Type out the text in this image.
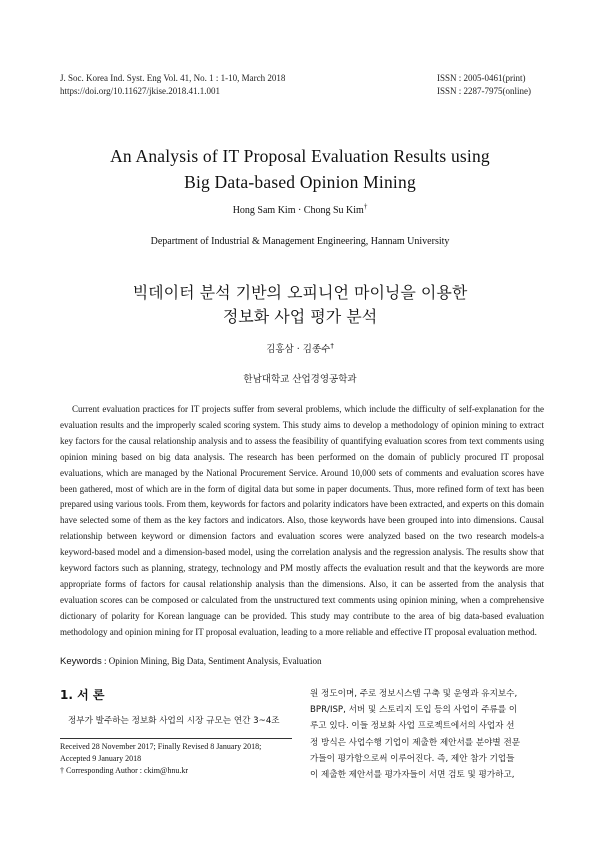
J. Soc. Korea Ind. Syst. Eng Vol. 41, No. 1 : 1-10, March 2018
https://doi.org/10.11627/jkise.2018.41.1.001
ISSN : 2005-0461(print)
ISSN : 2287-7975(online)
An Analysis of IT Proposal Evaluation Results using
Big Data-based Opinion Mining
Hong Sam Kim · Chong Su Kim†
Department of Industrial & Management Engineering, Hannam University
빅데이터 분석 기반의 오피니언 마이닝을 이용한
정보화 사업 평가 분석
김홍삼 · 김종수†
한남대학교 산업경영공학과
Current evaluation practices for IT projects suffer from several problems, which include the difficulty of self-explanation for the evaluation results and the improperly scaled scoring system. This study aims to develop a methodology of opinion mining to extract key factors for the causal relationship analysis and to assess the feasibility of quantifying evaluation scores from text comments using opinion mining based on big data analysis. The research has been performed on the domain of publicly procured IT proposal evaluations, which are managed by the National Procurement Service. Around 10,000 sets of comments and evaluation scores have been gathered, most of which are in the form of digital data but some in paper documents. Thus, more refined form of text has been prepared using various tools. From them, keywords for factors and polarity indicators have been extracted, and experts on this domain have selected some of them as the key factors and indicators. Also, those keywords have been grouped into into dimensions. Causal relationship between keyword or dimension factors and evaluation scores were analyzed based on the two research models-a keyword-based model and a dimension-based model, using the correlation analysis and the regression analysis. The results show that keyword factors such as planning, strategy, technology and PM mostly affects the evaluation result and that the keywords are more appropriate forms of factors for causal relationship analysis than the dimensions. Also, it can be asserted from the analysis that evaluation scores can be composed or calculated from the unstructured text comments using opinion mining, when a comprehensive dictionary of polarity for Korean language can be provided. This study may contribute to the area of big data-based evaluation methodology and opinion mining for IT proposal evaluation, leading to a more reliable and effective IT proposal evaluation method.
Keywords : Opinion Mining, Big Data, Sentiment Analysis, Evaluation
1. 서 론
정부가 발주하는 정보화 사업의 시장 규모는 연간 3~4조
Received 28 November 2017; Finally Revised 8 January 2018;
Accepted 9 January 2018
† Corresponding Author : ckim@hnu.kr
원 정도이며, 주로 정보시스템 구축 및 운영과 유지보수,
BPR/ISP, 서버 및 스토리지 도입 등의 사업이 주류를 이
루고 있다. 이들 정보화 사업 프로젝트에서의 사업자 선
정 방식은 사업수행 기업이 제출한 제안서를 분야별 전문
가들이 평가함으로써 이루어진다. 즉, 제안 참가 기업들
이 제출한 제안서를 평가자들이 서면 검토 및 평가하고,
